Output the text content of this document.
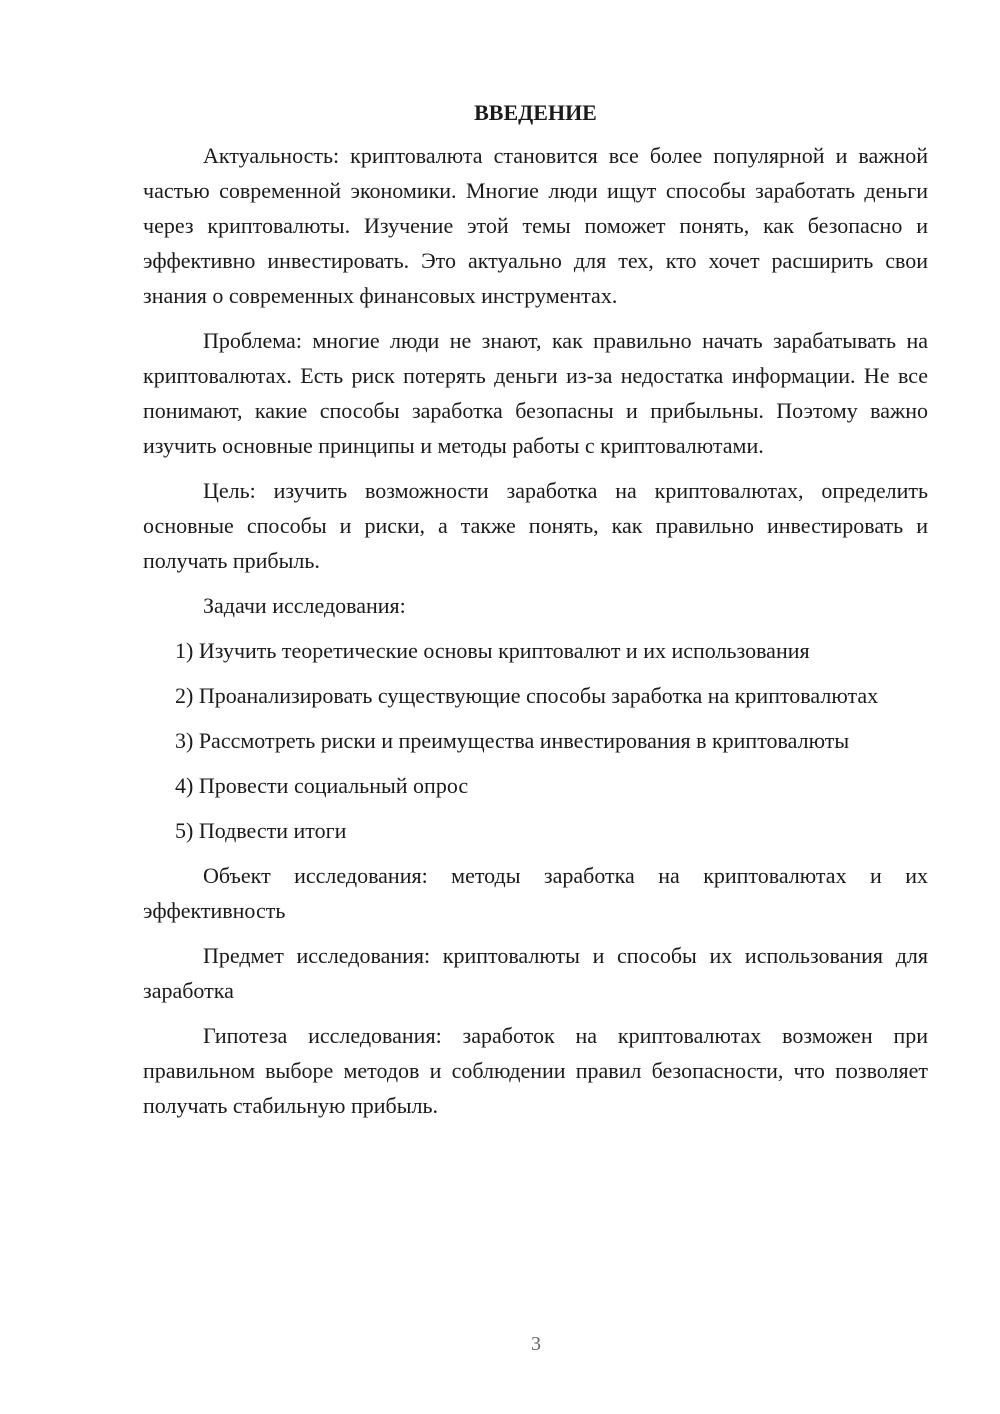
ВВЕДЕНИЕ

Актуальность: криптовалюта становится все более популярной и важной частью современной экономики. Многие люди ищут способы заработать деньги через криптовалюты. Изучение этой темы поможет понять, как безопасно и эффективно инвестировать. Это актуально для тех, кто хочет расширить свои знания о современных финансовых инструментах.

Проблема: многие люди не знают, как правильно начать зарабатывать на криптовалютах. Есть риск потерять деньги из-за недостатка информации. Не все понимают, какие способы заработка безопасны и прибыльны. Поэтому важно изучить основные принципы и методы работы с криптовалютами.

Цель: изучить возможности заработка на криптовалютах, определить основные способы и риски, а также понять, как правильно инвестировать и получать прибыль.

Задачи исследования:

1) Изучить теоретические основы криптовалют и их использования

2) Проанализировать существующие способы заработка на криптовалютах

3) Рассмотреть риски и преимущества инвестирования в криптовалюты

4) Провести социальный опрос

5) Подвести итоги

Объект исследования: методы заработка на криптовалютах и их эффективность

Предмет исследования: криптовалюты и способы их использования для заработка

Гипотеза исследования: заработок на криптовалютах возможен при правильном выборе методов и соблюдении правил безопасности, что позволяет получать стабильную прибыль.

3
